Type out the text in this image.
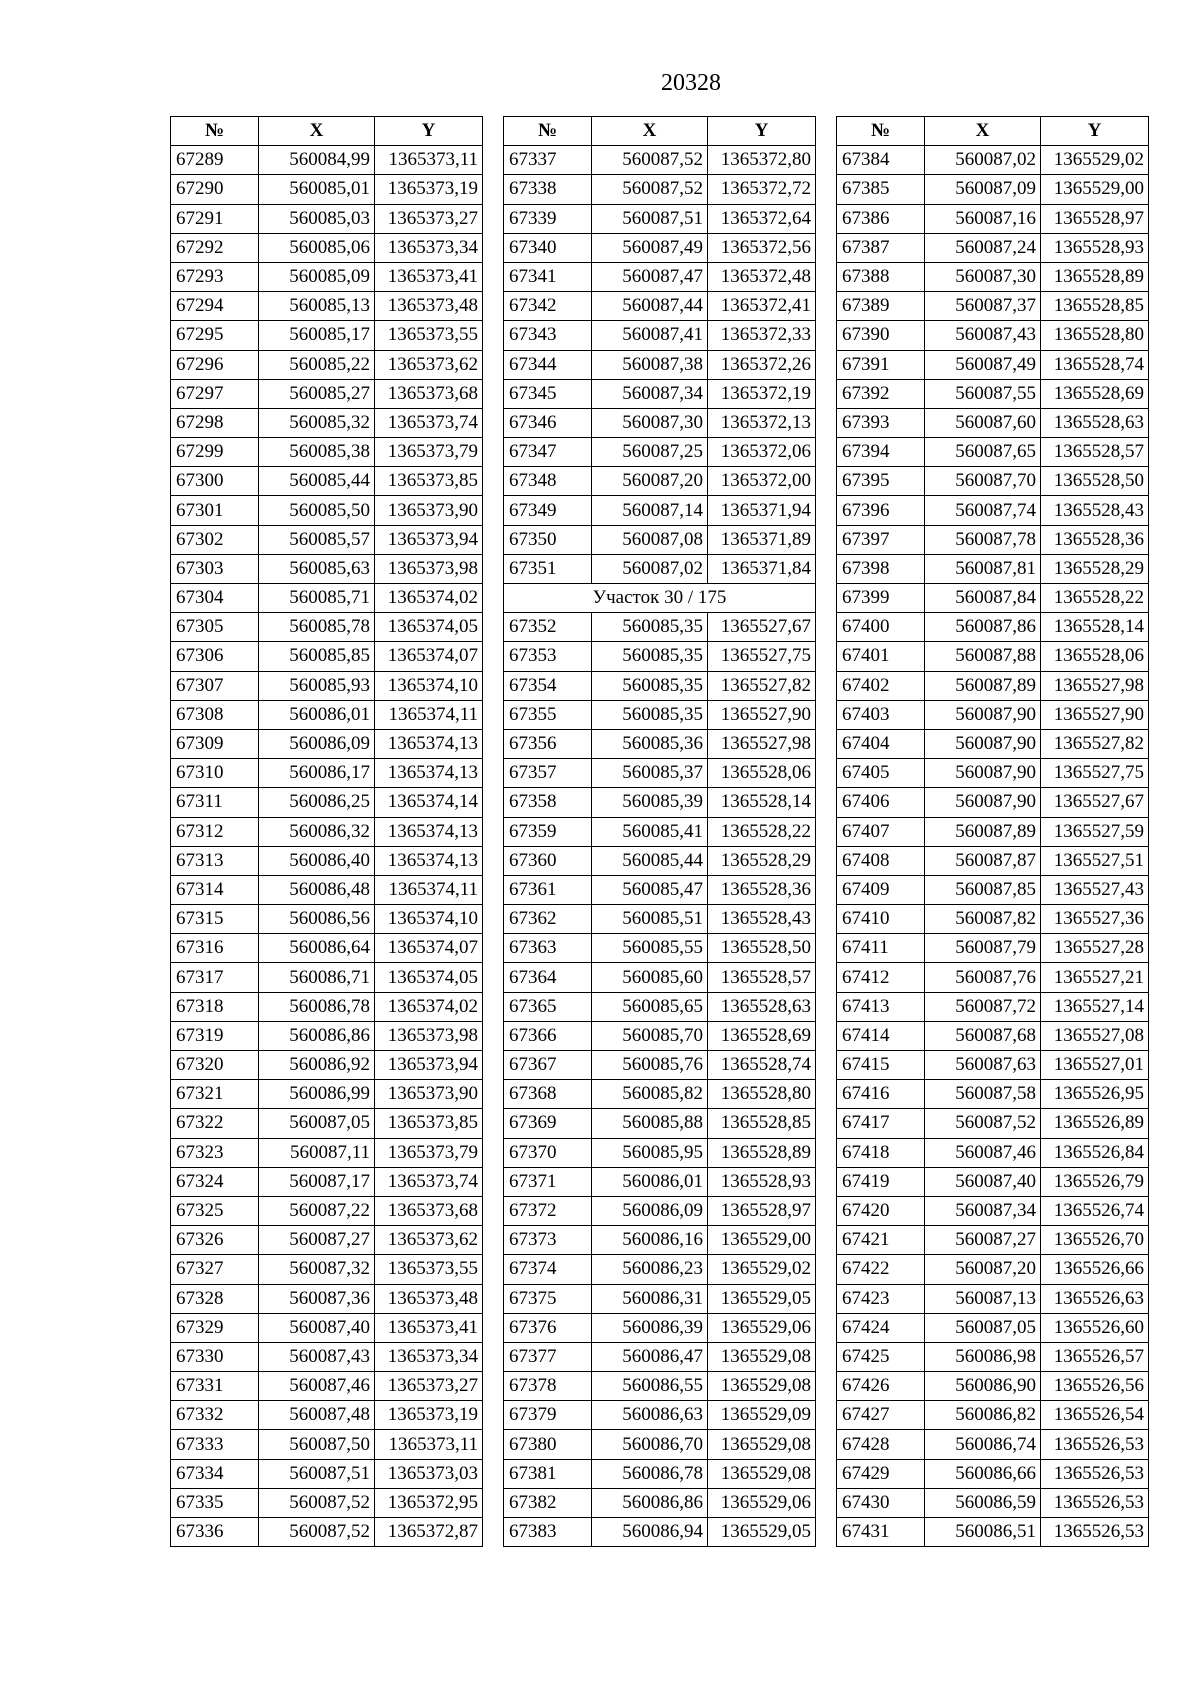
20328
№	X	Y
67289	560084,99	1365373,11
67290	560085,01	1365373,19
67291	560085,03	1365373,27
67292	560085,06	1365373,34
67293	560085,09	1365373,41
67294	560085,13	1365373,48
67295	560085,17	1365373,55
67296	560085,22	1365373,62
67297	560085,27	1365373,68
67298	560085,32	1365373,74
67299	560085,38	1365373,79
67300	560085,44	1365373,85
67301	560085,50	1365373,90
67302	560085,57	1365373,94
67303	560085,63	1365373,98
67304	560085,71	1365374,02
67305	560085,78	1365374,05
67306	560085,85	1365374,07
67307	560085,93	1365374,10
67308	560086,01	1365374,11
67309	560086,09	1365374,13
67310	560086,17	1365374,13
67311	560086,25	1365374,14
67312	560086,32	1365374,13
67313	560086,40	1365374,13
67314	560086,48	1365374,11
67315	560086,56	1365374,10
67316	560086,64	1365374,07
67317	560086,71	1365374,05
67318	560086,78	1365374,02
67319	560086,86	1365373,98
67320	560086,92	1365373,94
67321	560086,99	1365373,90
67322	560087,05	1365373,85
67323	560087,11	1365373,79
67324	560087,17	1365373,74
67325	560087,22	1365373,68
67326	560087,27	1365373,62
67327	560087,32	1365373,55
67328	560087,36	1365373,48
67329	560087,40	1365373,41
67330	560087,43	1365373,34
67331	560087,46	1365373,27
67332	560087,48	1365373,19
67333	560087,50	1365373,11
67334	560087,51	1365373,03
67335	560087,52	1365372,95
67336	560087,52	1365372,87
№	X	Y
67337	560087,52	1365372,80
67338	560087,52	1365372,72
67339	560087,51	1365372,64
67340	560087,49	1365372,56
67341	560087,47	1365372,48
67342	560087,44	1365372,41
67343	560087,41	1365372,33
67344	560087,38	1365372,26
67345	560087,34	1365372,19
67346	560087,30	1365372,13
67347	560087,25	1365372,06
67348	560087,20	1365372,00
67349	560087,14	1365371,94
67350	560087,08	1365371,89
67351	560087,02	1365371,84
Участок 30 / 175		
67352	560085,35	1365527,67
67353	560085,35	1365527,75
67354	560085,35	1365527,82
67355	560085,35	1365527,90
67356	560085,36	1365527,98
67357	560085,37	1365528,06
67358	560085,39	1365528,14
67359	560085,41	1365528,22
67360	560085,44	1365528,29
67361	560085,47	1365528,36
67362	560085,51	1365528,43
67363	560085,55	1365528,50
67364	560085,60	1365528,57
67365	560085,65	1365528,63
67366	560085,70	1365528,69
67367	560085,76	1365528,74
67368	560085,82	1365528,80
67369	560085,88	1365528,85
67370	560085,95	1365528,89
67371	560086,01	1365528,93
67372	560086,09	1365528,97
67373	560086,16	1365529,00
67374	560086,23	1365529,02
67375	560086,31	1365529,05
67376	560086,39	1365529,06
67377	560086,47	1365529,08
67378	560086,55	1365529,08
67379	560086,63	1365529,09
67380	560086,70	1365529,08
67381	560086,78	1365529,08
67382	560086,86	1365529,06
67383	560086,94	1365529,05
№	X	Y
67384	560087,02	1365529,02
67385	560087,09	1365529,00
67386	560087,16	1365528,97
67387	560087,24	1365528,93
67388	560087,30	1365528,89
67389	560087,37	1365528,85
67390	560087,43	1365528,80
67391	560087,49	1365528,74
67392	560087,55	1365528,69
67393	560087,60	1365528,63
67394	560087,65	1365528,57
67395	560087,70	1365528,50
67396	560087,74	1365528,43
67397	560087,78	1365528,36
67398	560087,81	1365528,29
67399	560087,84	1365528,22
67400	560087,86	1365528,14
67401	560087,88	1365528,06
67402	560087,89	1365527,98
67403	560087,90	1365527,90
67404	560087,90	1365527,82
67405	560087,90	1365527,75
67406	560087,90	1365527,67
67407	560087,89	1365527,59
67408	560087,87	1365527,51
67409	560087,85	1365527,43
67410	560087,82	1365527,36
67411	560087,79	1365527,28
67412	560087,76	1365527,21
67413	560087,72	1365527,14
67414	560087,68	1365527,08
67415	560087,63	1365527,01
67416	560087,58	1365526,95
67417	560087,52	1365526,89
67418	560087,46	1365526,84
67419	560087,40	1365526,79
67420	560087,34	1365526,74
67421	560087,27	1365526,70
67422	560087,20	1365526,66
67423	560087,13	1365526,63
67424	560087,05	1365526,60
67425	560086,98	1365526,57
67426	560086,90	1365526,56
67427	560086,82	1365526,54
67428	560086,74	1365526,53
67429	560086,66	1365526,53
67430	560086,59	1365526,53
67431	560086,51	1365526,53
